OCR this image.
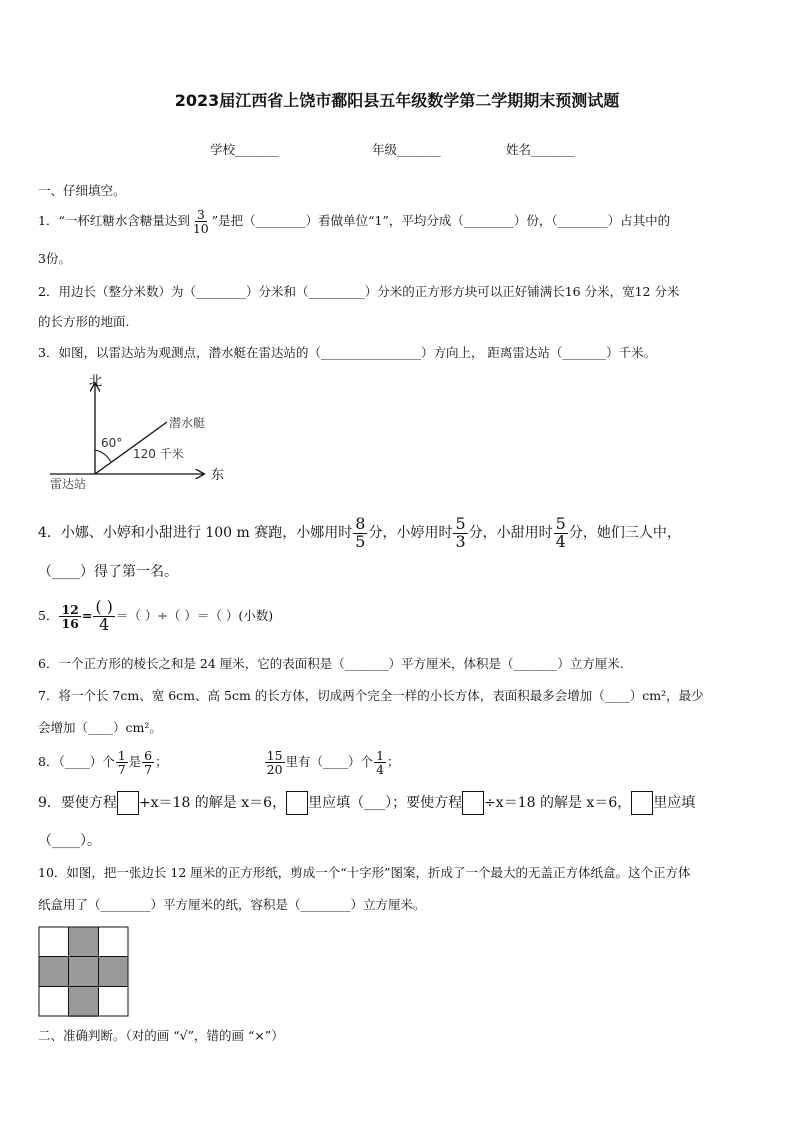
2023届江西省上饶市鄱阳县五年级数学第二学期期末预测试题
学校_______	年级_______	姓名_______
一、仔细填空。
1．“一杯红糖水含糖量达到 $\frac{3}{10}$ ”是把（________）看做单位“1”，平均分成（________）份，（________）占其中的
3份。
2．用边长（整分米数）为（________）分米和（_________）分米的正方形方块可以正好铺满长16 分米，宽12 分米
的长方形的地面.
3．如图，以雷达站为观测点，潜水艇在雷达站的（________________）方向上， 距离雷达站（_______）千米。
北
东
雷达站
潜水艇
60°
120 千米
4．小娜、小婷和小甜进行 100 m 赛跑，小娜用时 $\frac{8}{5}$ 分，小婷用时 $\frac{5}{3}$ 分，小甜用时 $\frac{5}{4}$ 分，她们三人中，
（____）得了第一名。
5． $\frac{12}{16} = \frac{( )}{4}$ ＝（ ）÷（ ）＝（ ）(小数)
6．一个正方形的棱长之和是 24 厘米，它的表面积是（_______）平方厘米，体积是（_______）立方厘米.
7．将一个长 7cm、宽 6cm、高 5cm 的长方体，切成两个完全一样的小长方体，表面积最多会增加（____）cm²，最少
会增加（____）cm²。
8．（____）个 $\frac{1}{7}$ 是 $\frac{6}{7}$ ；	$\frac{15}{20}$ 里有（____）个 $\frac{1}{4}$ ；
9．要使方程 +x＝18 的解是 x＝6， 里应填（___）；要使方程 ÷x＝18 的解是 x＝6， 里应填
（____）。
10．如图，把一张边长 12 厘米的正方形纸，剪成一个“十字形”图案，折成了一个最大的无盖正方体纸盒。这个正方体
纸盒用了（________）平方厘米的纸，容积是（________）立方厘米。
二、准确判断。（对的画 “√”，错的画 “×”）
